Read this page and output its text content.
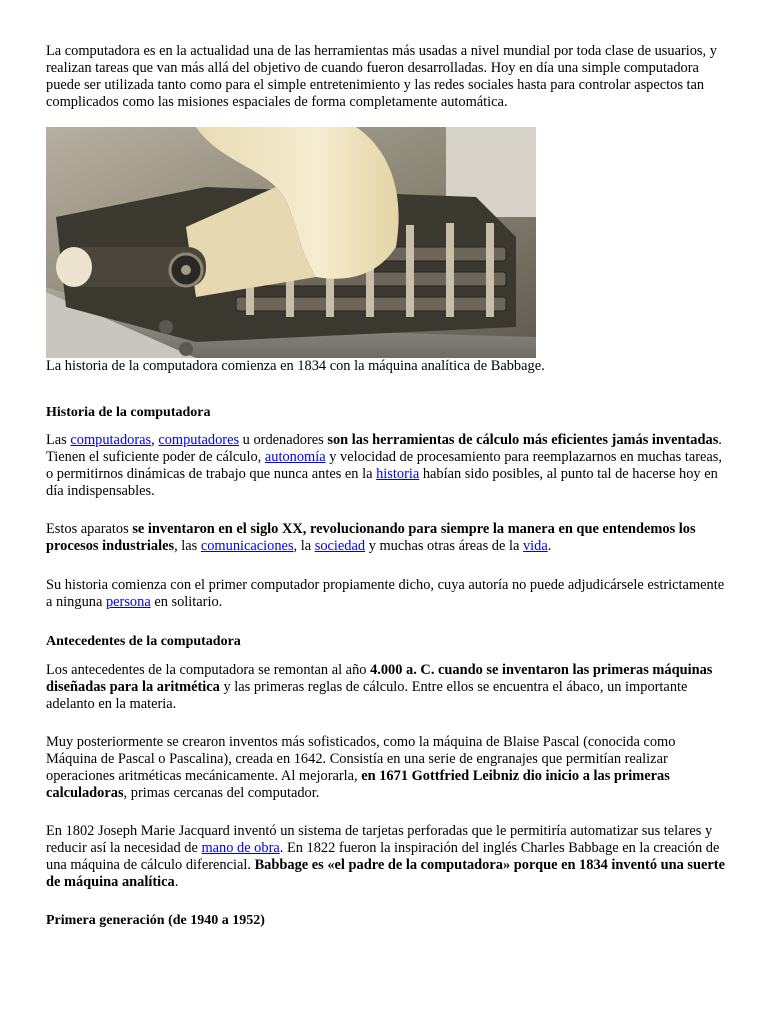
La computadora es en la actualidad una de las herramientas más usadas a nivel mundial por toda clase de usuarios, y realizan tareas que van más allá del objetivo de cuando fueron desarrolladas. Hoy en día una simple computadora puede ser utilizada tanto como para el simple entretenimiento y las redes sociales hasta para controlar aspectos tan complicados como las misiones espaciales de forma completamente automática.

La historia de la computadora comienza en 1834 con la máquina analítica de Babbage.

Historia de la computadora

Las computadoras, computadores u ordenadores son las herramientas de cálculo más eficientes jamás inventadas. Tienen el suficiente poder de cálculo, autonomía y velocidad de procesamiento para reemplazarnos en muchas tareas, o permitirnos dinámicas de trabajo que nunca antes en la historia habían sido posibles, al punto tal de hacerse hoy en día indispensables.

Estos aparatos se inventaron en el siglo XX, revolucionando para siempre la manera en que entendemos los procesos industriales, las comunicaciones, la sociedad y muchas otras áreas de la vida.

Su historia comienza con el primer computador propiamente dicho, cuya autoría no puede adjudicársele estrictamente a ninguna persona en solitario.

Antecedentes de la computadora

Los antecedentes de la computadora se remontan al año 4.000 a. C. cuando se inventaron las primeras máquinas diseñadas para la aritmética y las primeras reglas de cálculo. Entre ellos se encuentra el ábaco, un importante adelanto en la materia.

Muy posteriormente se crearon inventos más sofisticados, como la máquina de Blaise Pascal (conocida como Máquina de Pascal o Pascalina), creada en 1642. Consistía en una serie de engranajes que permitían realizar operaciones aritméticas mecánicamente. Al mejorarla, en 1671 Gottfried Leibniz dio inicio a las primeras calculadoras, primas cercanas del computador.

En 1802 Joseph Marie Jacquard inventó un sistema de tarjetas perforadas que le permitiría automatizar sus telares y reducir así la necesidad de mano de obra. En 1822 fueron la inspiración del inglés Charles Babbage en la creación de una máquina de cálculo diferencial. Babbage es «el padre de la computadora» porque en 1834 inventó una suerte de máquina analítica.

Primera generación (de 1940 a 1952)
